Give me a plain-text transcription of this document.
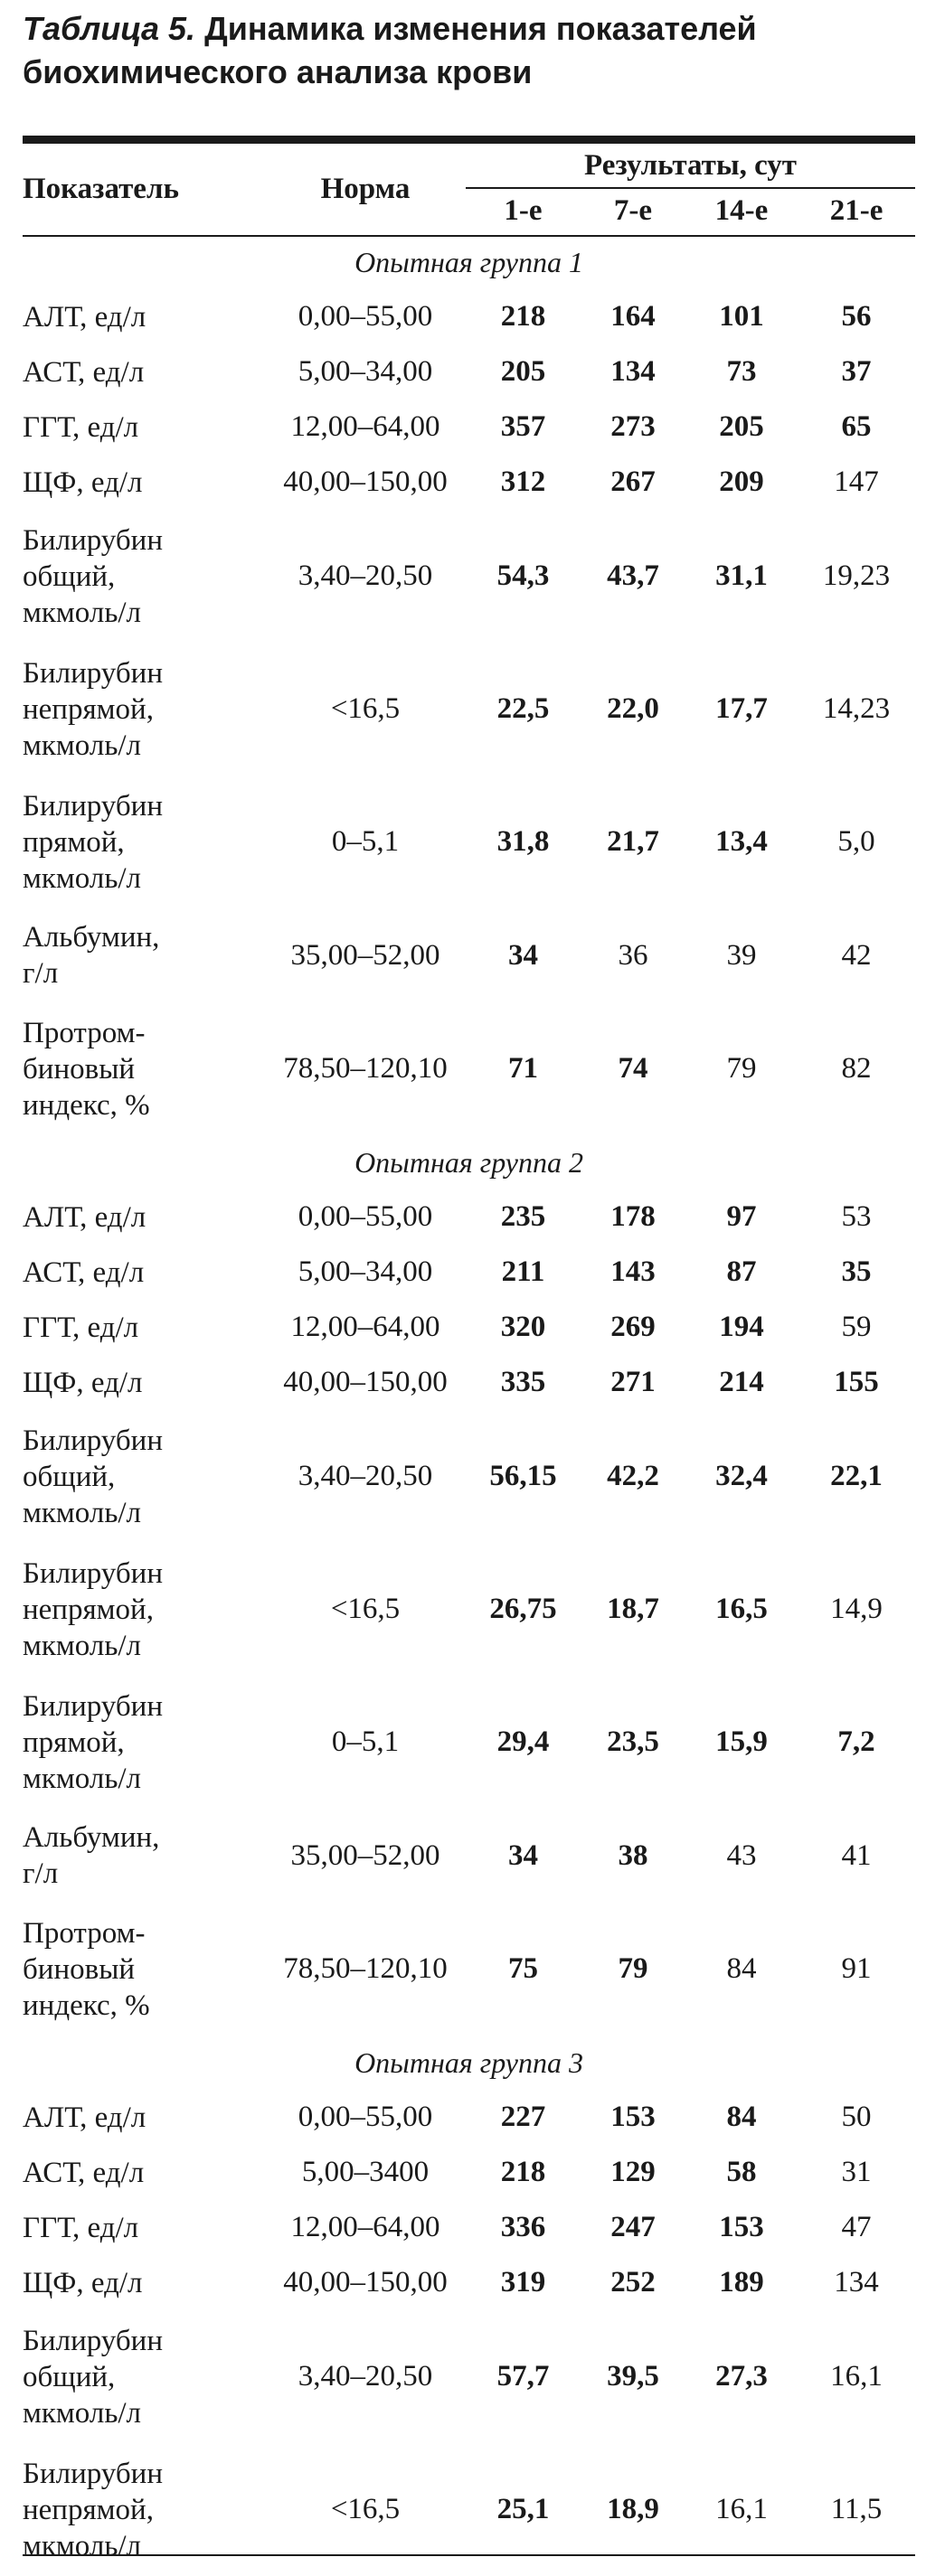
Таблица 5. Динамика изменения показателей
биохимического анализа крови
Показатель	Норма	Результаты, сут			
		1-е	7-е	14-е	21-е
Опытная группа 1					

АЛТ, ед/л	0,00–55,00	218	164	101	56

АСТ, ед/л	5,00–34,00	205	134	73	37

ГГТ, ед/л	12,00–64,00	357	273	205	65

ЩФ, ед/л	40,00–150,00	312	267	209	147

Билирубин
общий,
мкмоль/л	3,40–20,50	54,3	43,7	31,1	19,23

Билирубин
непрямой,
мкмоль/л	<16,5	22,5	22,0	17,7	14,23

Билирубин
прямой,
мкмоль/л	0–5,1	31,8	21,7	13,4	5,0

Альбумин,
г/л	35,00–52,00	34	36	39	42

Протром-
биновый
индекс, %	78,50–120,10	71	74	79	82
Опытная группа 2					

АЛТ, ед/л	0,00–55,00	235	178	97	53

АСТ, ед/л	5,00–34,00	211	143	87	35

ГГТ, ед/л	12,00–64,00	320	269	194	59

ЩФ, ед/л	40,00–150,00	335	271	214	155

Билирубин
общий,
мкмоль/л	3,40–20,50	56,15	42,2	32,4	22,1

Билирубин
непрямой,
мкмоль/л	<16,5	26,75	18,7	16,5	14,9

Билирубин
прямой,
мкмоль/л	0–5,1	29,4	23,5	15,9	7,2

Альбумин,
г/л	35,00–52,00	34	38	43	41

Протром-
биновый
индекс, %	78,50–120,10	75	79	84	91
Опытная группа 3					

АЛТ, ед/л	0,00–55,00	227	153	84	50

АСТ, ед/л	5,00–3400	218	129	58	31

ГГТ, ед/л	12,00–64,00	336	247	153	47

ЩФ, ед/л	40,00–150,00	319	252	189	134

Билирубин
общий,
мкмоль/л	3,40–20,50	57,7	39,5	27,3	16,1

Билирубин
непрямой,
мкмоль/л	<16,5	25,1	18,9	16,1	11,5
